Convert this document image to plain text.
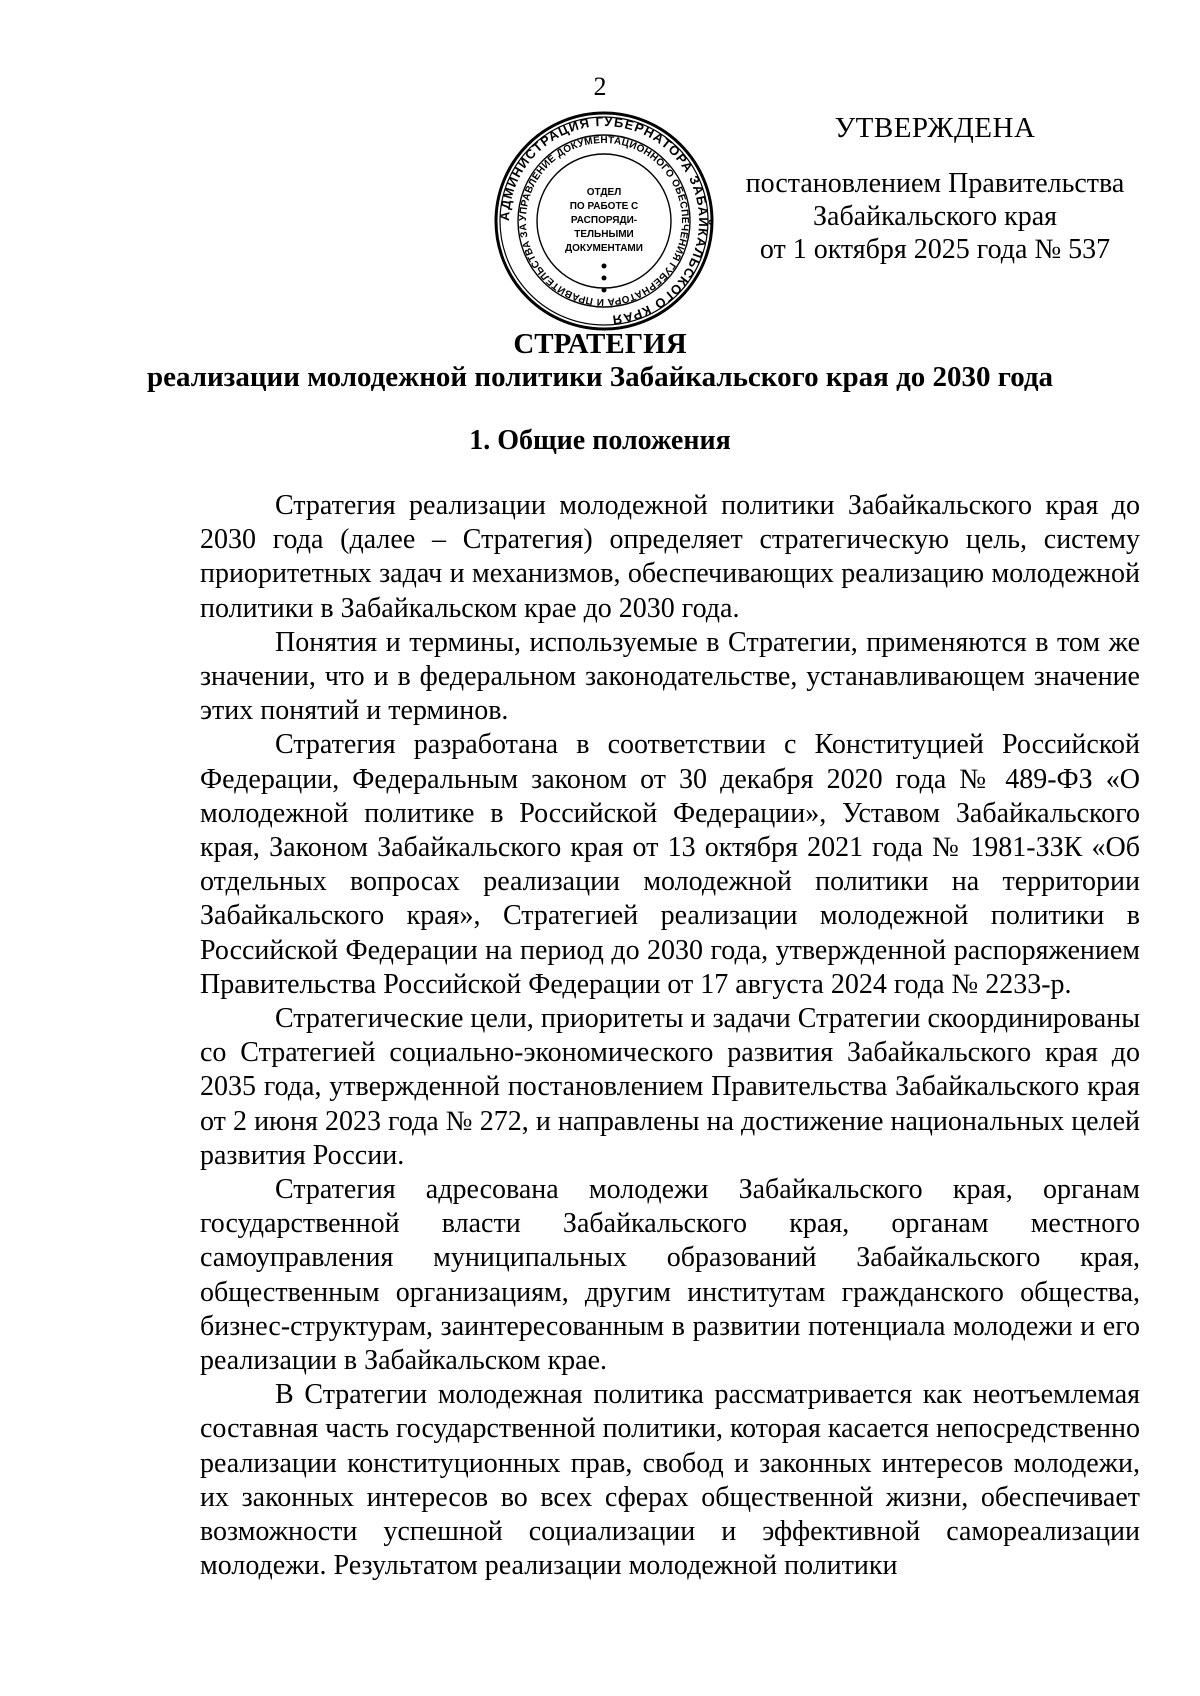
2
АДМИНИСТРАЦИЯ ГУБЕРНАТОРА ЗАБАЙКАЛЬСКОГО КРАЯ
УПРАВЛЕНИЕ ДОКУМЕНТАЦИОННОГО ОБЕСПЕЧЕНИЯ ГУБЕРНАТОРА И ПРАВИТЕЛЬСТВА ЗА
ОТДЕЛ
ПО РАБОТЕ С
РАСПОРЯДИ-
ТЕЛЬНЫМИ
ДОКУМЕНТАМИ
УТВЕРЖДЕНА
постановлением Правительства
Забайкальского края
от 1 октября 2025 года № 537
СТРАТЕГИЯ
реализации молодежной политики Забайкальского края до 2030 года
1. Общие положения

Стратегия реализации молодежной политики Забайкальского края до 2030 года (далее – Стратегия) определяет стратегическую цель, систему приоритетных задач и механизмов, обеспечивающих реализацию молодежной политики в Забайкальском крае до 2030 года.

Понятия и термины, используемые в Стратегии, применяются в том же значении, что и в федеральном законодательстве, устанавливающем значение этих понятий и терминов.

Стратегия разработана в соответствии с Конституцией Российской Федерации, Федеральным законом от 30 декабря 2020 года № 489-ФЗ «О молодежной политике в Российской Федерации», Уставом Забайкальского края, Законом Забайкальского края от 13 октября 2021 года № 1981-ЗЗК «Об отдельных вопросах реализации молодежной политики на территории Забайкальского края», Стратегией реализации молодежной политики в Российской Федерации на период до 2030 года, утвержденной распоряжением Правительства Российской Федерации от 17 августа 2024 года № 2233-р.

Стратегические цели, приоритеты и задачи Стратегии скоординированы со Стратегией социально-экономического развития Забайкальского края до 2035 года, утвержденной постановлением Правительства Забайкальского края от 2 июня 2023 года № 272, и направлены на достижение национальных целей развития России.

Стратегия адресована молодежи Забайкальского края, органам государственной власти Забайкальского края, органам местного самоуправления муниципальных образований Забайкальского края, общественным организациям, другим институтам гражданского общества, бизнес-структурам, заинтересованным в развитии потенциала молодежи и его реализации в Забайкальском крае.

В Стратегии молодежная политика рассматривается как неотъемлемая составная часть государственной политики, которая касается непосредственно реализации конституционных прав, свобод и законных интересов молодежи, их законных интересов во всех сферах общественной жизни, обеспечивает возможности успешной социализации и эффективной самореализации молодежи. Результатом реализации молодежной политики
